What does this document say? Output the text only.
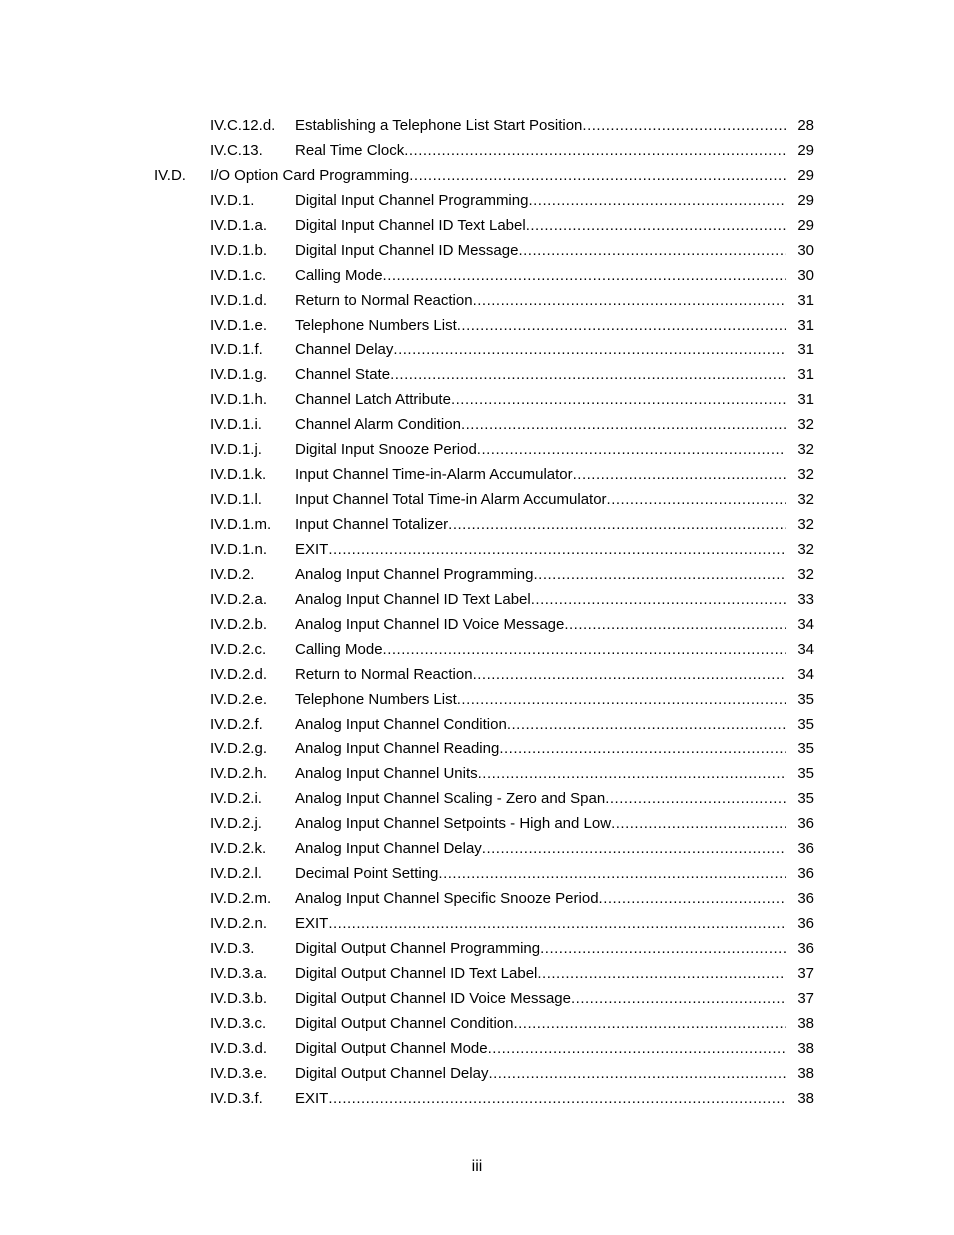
IV.C.12.d. Establishing a Telephone List Start Position .....	28
IV.C.13. Real Time Clock .....	29
IV.D. I/O Option Card Programming .....	29
IV.D.1.	Digital Input Channel Programming .....	29
IV.D.1.a. Digital Input Channel ID Text Label .....	29
IV.D.1.b. Digital Input Channel ID Message .....	30
IV.D.1.c. Calling Mode .....	30
IV.D.1.d. Return to Normal Reaction .....	31
IV.D.1.e. Telephone Numbers List .....	31
IV.D.1.f. Channel Delay .....	31
IV.D.1.g. Channel State .....	31
IV.D.1.h. Channel Latch Attribute .....	31
IV.D.1.i. Channel Alarm Condition .....	32
IV.D.1.j. Digital Input Snooze Period .....	32
IV.D.1.k. Input Channel Time-in-Alarm Accumulator .....	32
IV.D.1.l. Input Channel Total Time-in Alarm Accumulator .....	32
IV.D.1.m. Input Channel Totalizer .....	32
IV.D.1.n. EXIT .....	32
IV.D.2.	Analog Input Channel Programming .....	32
IV.D.2.a. Analog Input Channel ID Text Label .....	33
IV.D.2.b. Analog Input Channel ID Voice Message .....	34
IV.D.2.c. Calling Mode .....	34
IV.D.2.d. Return to Normal Reaction .....	34
IV.D.2.e. Telephone Numbers List .....	35
IV.D.2.f. Analog Input Channel Condition .....	35
IV.D.2.g. Analog Input Channel Reading .....	35
IV.D.2.h. Analog Input Channel Units .....	35
IV.D.2.i. Analog Input Channel Scaling - Zero and Span .....	35
IV.D.2.j. Analog Input Channel Setpoints - High and Low .....	36
IV.D.2.k. Analog Input Channel Delay .....	36
IV.D.2.l. Decimal Point Setting .....	36
IV.D.2.m. Analog Input Channel Specific Snooze Period .....	36
IV.D.2.n. EXIT .....	36
IV.D.3.	Digital Output Channel Programming .....	36
IV.D.3.a. Digital Output Channel ID Text Label .....	37
IV.D.3.b. Digital Output Channel ID Voice Message .....	37
IV.D.3.c. Digital Output Channel Condition .....	38
IV.D.3.d. Digital Output Channel Mode .....	38
IV.D.3.e. Digital Output Channel Delay .....	38
IV.D.3.f. EXIT .....	38
iii
